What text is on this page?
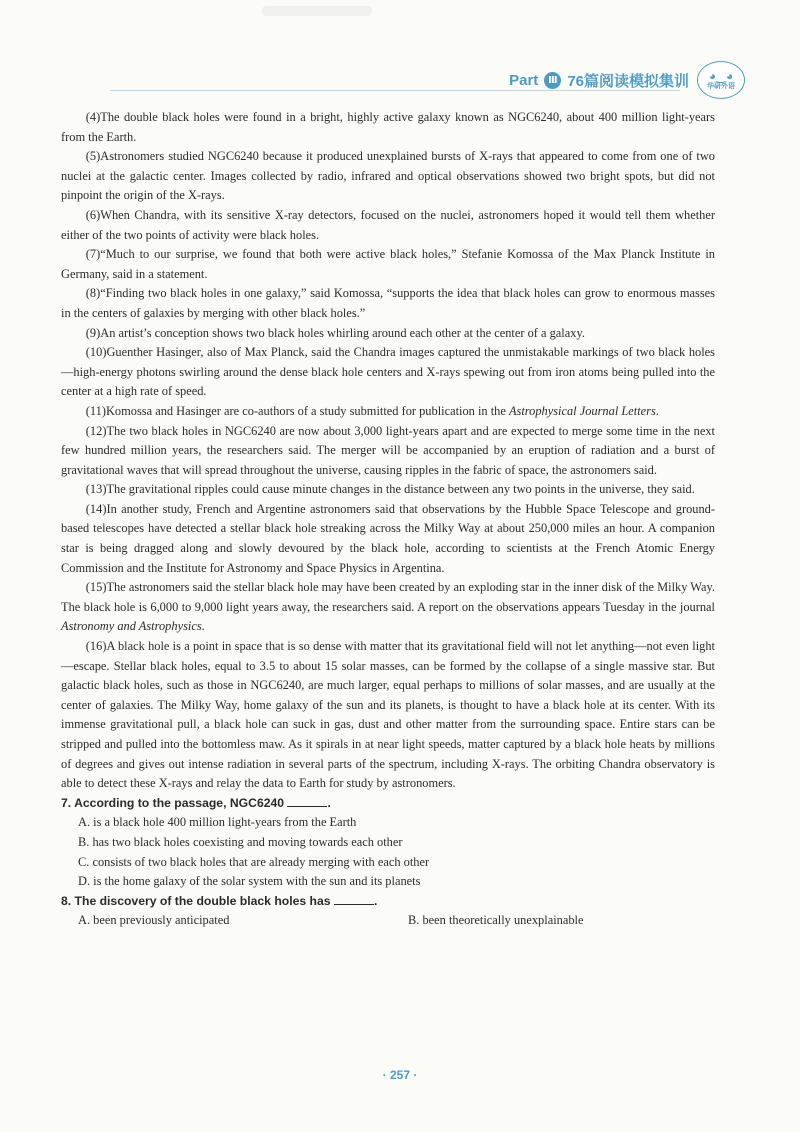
Part Ⅲ 76篇阅读模拟集训 ◕‿◕
华研外语

(4)The double black holes were found in a bright, highly active galaxy known as NGC6240, about 400 million light-years from the Earth.

(5)Astronomers studied NGC6240 because it produced unexplained bursts of X-rays that appeared to come from one of two nuclei at the galactic center. Images collected by radio, infrared and optical observations showed two bright spots, but did not pinpoint the origin of the X-rays.

(6)When Chandra, with its sensitive X-ray detectors, focused on the nuclei, astronomers hoped it would tell them whether either of the two points of activity were black holes.

(7)“Much to our surprise, we found that both were active black holes,” Stefanie Komossa of the Max Planck Institute in Germany, said in a statement.

(8)“Finding two black holes in one galaxy,” said Komossa, “supports the idea that black holes can grow to enormous masses in the centers of galaxies by merging with other black holes.”

(9)An artist’s conception shows two black holes whirling around each other at the center of a galaxy.

(10)Guenther Hasinger, also of Max Planck, said the Chandra images captured the unmistakable markings of two black holes—high-energy photons swirling around the dense black hole centers and X-rays spewing out from iron atoms being pulled into the center at a high rate of speed.

(11)Komossa and Hasinger are co-authors of a study submitted for publication in the Astrophysical Journal Letters.

(12)The two black holes in NGC6240 are now about 3,000 light-years apart and are expected to merge some time in the next few hundred million years, the researchers said. The merger will be accompanied by an eruption of radiation and a burst of gravitational waves that will spread throughout the universe, causing ripples in the fabric of space, the astronomers said.

(13)The gravitational ripples could cause minute changes in the distance between any two points in the universe, they said.

(14)In another study, French and Argentine astronomers said that observations by the Hubble Space Telescope and ground-based telescopes have detected a stellar black hole streaking across the Milky Way at about 250,000 miles an hour. A companion star is being dragged along and slowly devoured by the black hole, according to scientists at the French Atomic Energy Commission and the Institute for Astronomy and Space Physics in Argentina.

(15)The astronomers said the stellar black hole may have been created by an exploding star in the inner disk of the Milky Way. The black hole is 6,000 to 9,000 light years away, the researchers said. A report on the observations appears Tuesday in the journal Astronomy and Astrophysics.

(16)A black hole is a point in space that is so dense with matter that its gravitational field will not let anything—not even light—escape. Stellar black holes, equal to 3.5 to about 15 solar masses, can be formed by the collapse of a single massive star. But galactic black holes, such as those in NGC6240, are much larger, equal perhaps to millions of solar masses, and are usually at the center of galaxies. The Milky Way, home galaxy of the sun and its planets, is thought to have a black hole at its center. With its immense gravitational pull, a black hole can suck in gas, dust and other matter from the surrounding space. Entire stars can be stripped and pulled into the bottomless maw. As it spirals in at near light speeds, matter captured by a black hole heats by millions of degrees and gives out intense radiation in several parts of the spectrum, including X-rays. The orbiting Chandra observatory is able to detect these X-rays and relay the data to Earth for study by astronomers.

7. According to the passage, NGC6240	.

A. is a black hole 400 million light-years from the Earth

B. has two black holes coexisting and moving towards each other

C. consists of two black holes that are already merging with each other

D. is the home galaxy of the solar system with the sun and its planets

8. The discovery of the double black holes has	.

A. been previously anticipated	B. been theoretically unexplainable

· 257 ·
